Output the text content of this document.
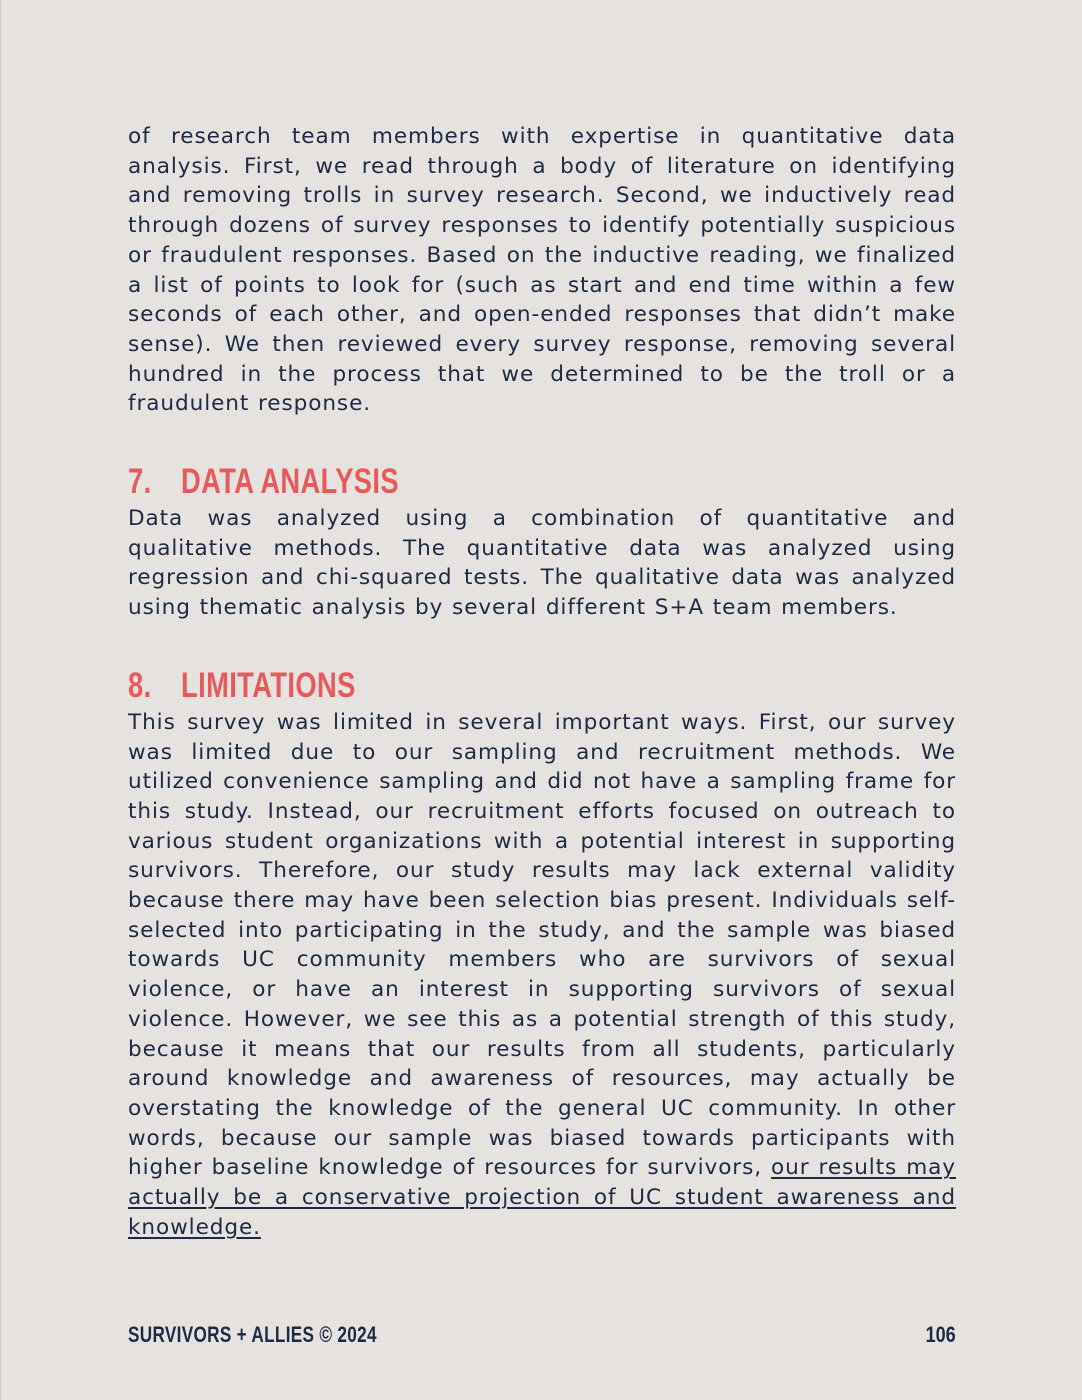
of research team members with expertise in quantitative data analysis. First, we read through a body of literature on identifying and removing trolls in survey research. Second, we inductively read through dozens of survey responses to identify potentially suspicious or fraudulent responses. Based on the inductive reading, we finalized a list of points to look for (such as start and end time within a few seconds of each other, and open-ended responses that didn’t make sense). We then reviewed every survey response, removing several hundred in the process that we determined to be the troll or a fraudulent response.

7. DATA ANALYSIS

Data was analyzed using a combination of quantitative and qualitative methods. The quantitative data was analyzed using regression and chi-squared tests. The qualitative data was analyzed using thematic analysis by several different S+A team members.

8. LIMITATIONS

This survey was limited in several important ways. First, our survey was limited due to our sampling and recruitment methods. We utilized convenience sampling and did not have a sampling frame for this study. Instead, our recruitment efforts focused on outreach to various student organizations with a potential interest in supporting survivors. Therefore, our study results may lack external validity because there may have been selection bias present. Individuals self-selected into participating in the study, and the sample was biased towards UC community members who are survivors of sexual violence, or have an interest in supporting survivors of sexual violence. However, we see this as a potential strength of this study, because it means that our results from all students, particularly around knowledge and awareness of resources, may actually be overstating the knowledge of the general UC community. In other words, because our sample was biased towards participants with higher baseline knowledge of resources for survivors, our results may actually be a conservative projection of UC student awareness and knowledge.

SURVIVORS + ALLIES © 2024	106
